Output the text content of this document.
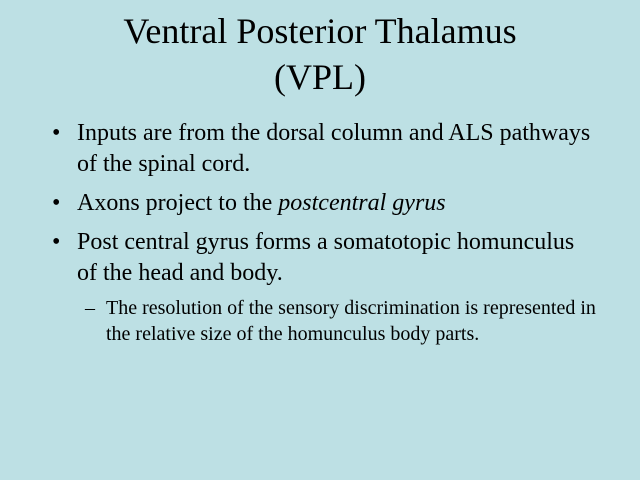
Ventral Posterior Thalamus
(VPL)
• Inputs are from the dorsal column and ALS pathways of the spinal cord.
• Axons project to the postcentral gyrus
• Post central gyrus forms a somatotopic homunculus of the head and body.
– The resolution of the sensory discrimination is represented in the relative size of the homunculus body parts.
